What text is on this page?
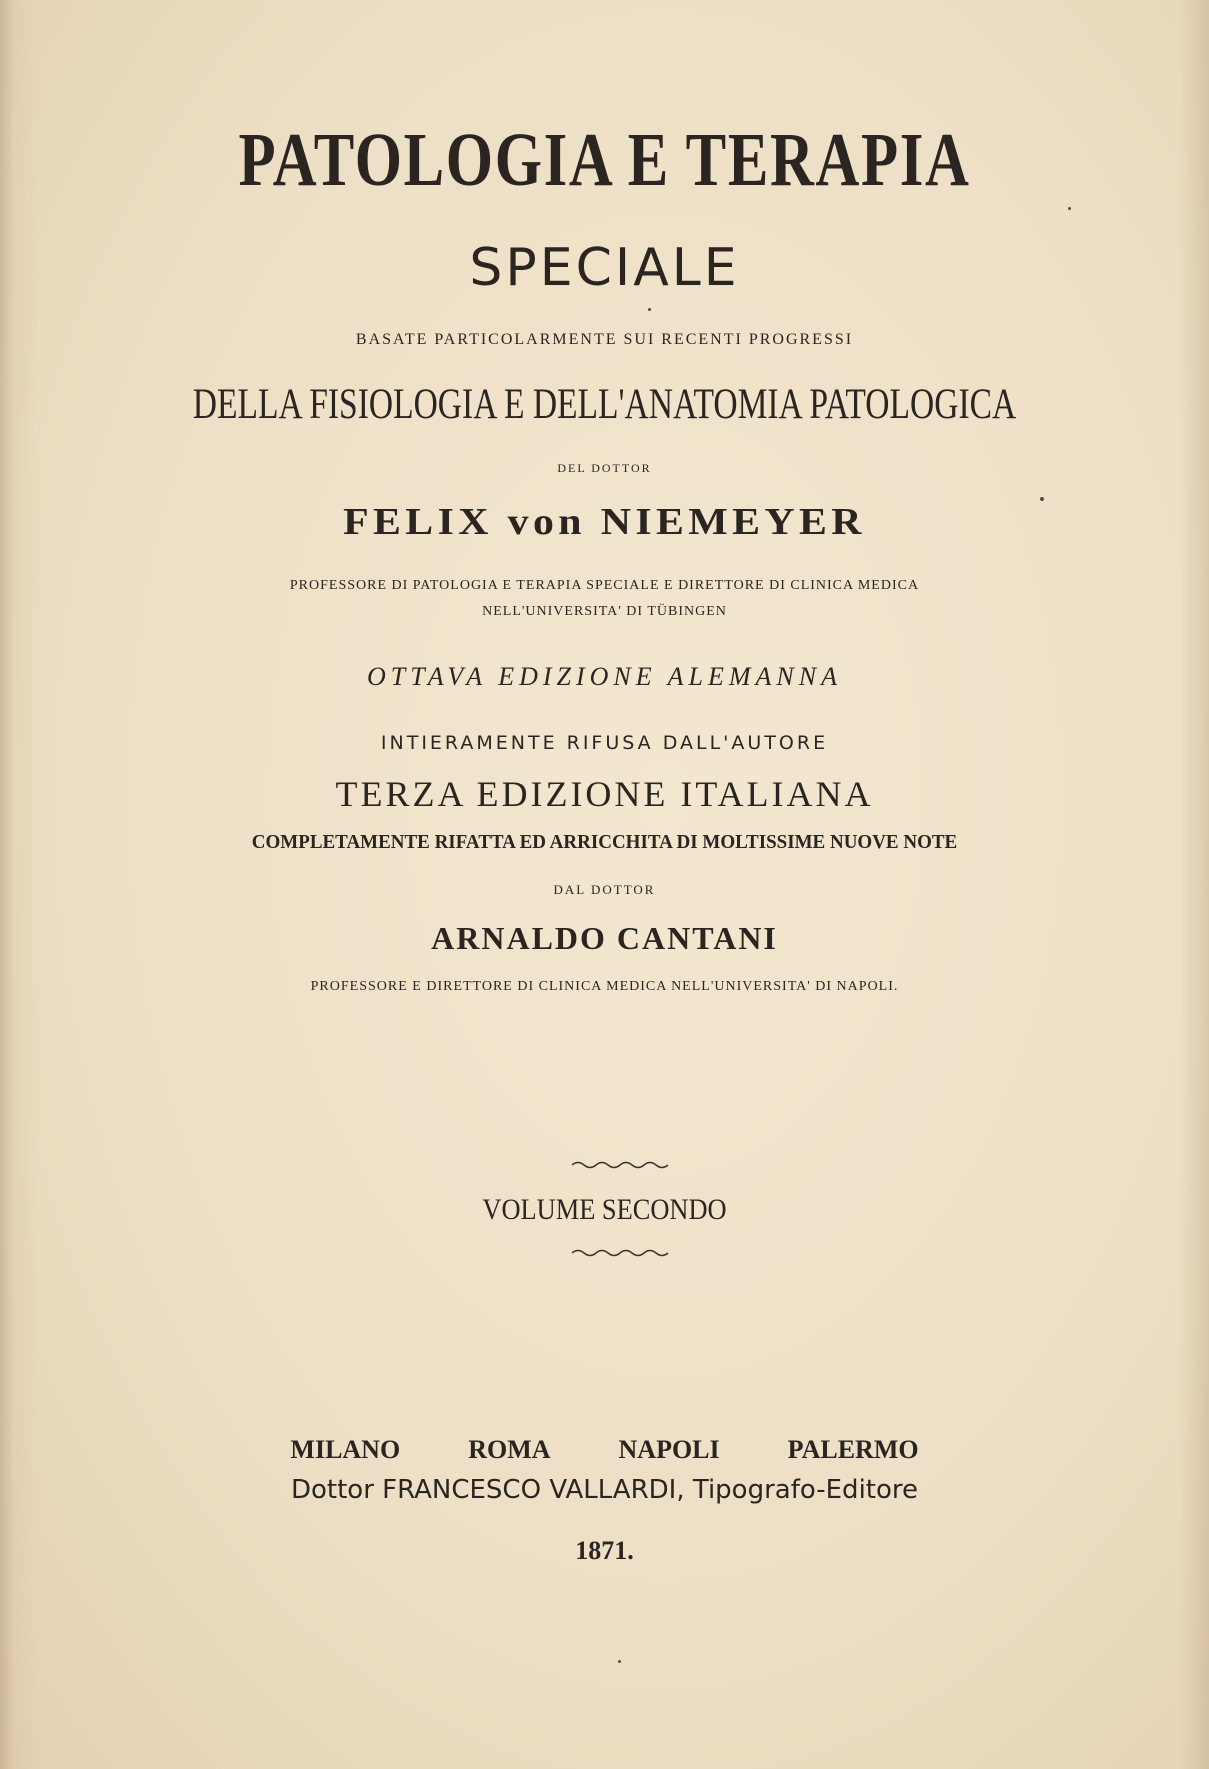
PATOLOGIA E TERAPIA
SPECIALE
BASATE PARTICOLARMENTE SUI RECENTI PROGRESSI
DELLA FISIOLOGIA E DELL'ANATOMIA PATOLOGICA
DEL DOTTOR
FELIX von NIEMEYER
PROFESSORE DI PATOLOGIA E TERAPIA SPECIALE E DIRETTORE DI CLINICA MEDICA
NELL'UNIVERSITA' DI TÜBINGEN
OTTAVA EDIZIONE ALEMANNA
INTIERAMENTE RIFUSA DALL'AUTORE
TERZA EDIZIONE ITALIANA
COMPLETAMENTE RIFATTA ED ARRICCHITA DI MOLTISSIME NUOVE NOTE
DAL DOTTOR
ARNALDO CANTANI
PROFESSORE E DIRETTORE DI CLINICA MEDICA NELL'UNIVERSITA' DI NAPOLI.
VOLUME SECONDO
MILANO	ROMA	NAPOLI	PALERMO
Dottor FRANCESCO VALLARDI, Tipografo-Editore
1871.
